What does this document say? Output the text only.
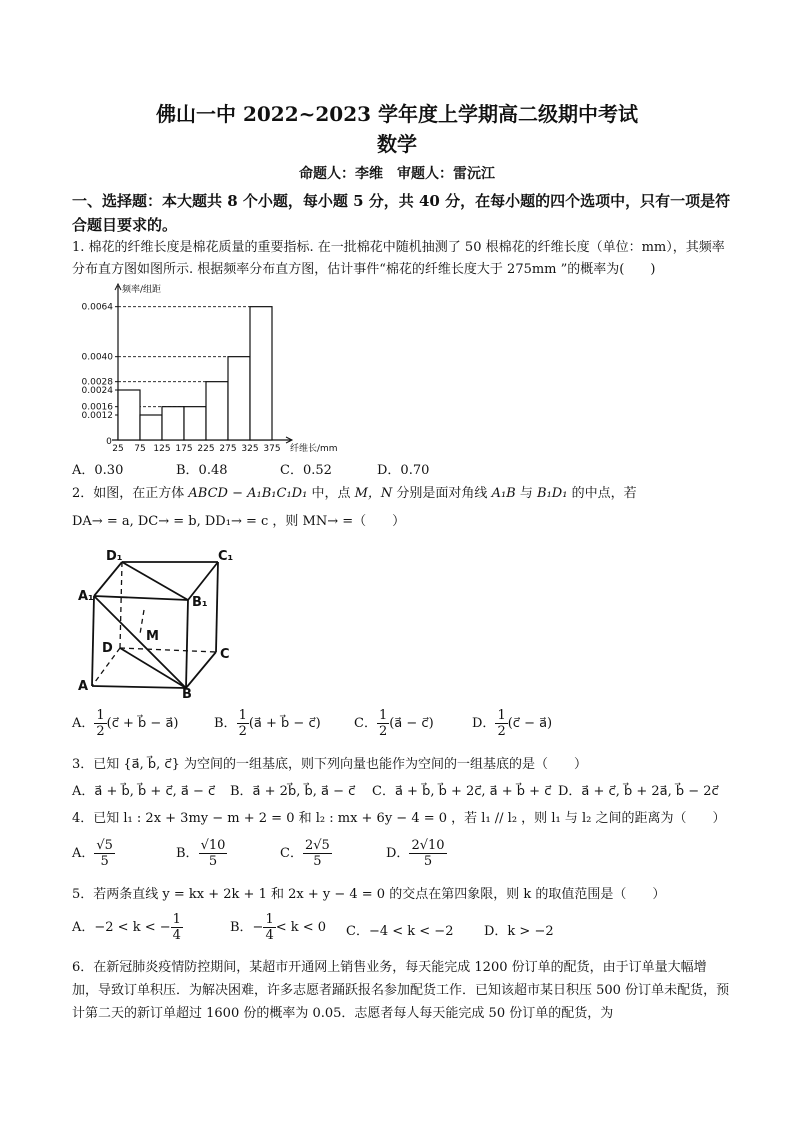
佛山一中 2022~2023 学年度上学期高二级期中考试
数学
命题人：李维　审题人：雷沅江
一、选择题：本大题共 8 个小题，每小题 5 分，共 40 分，在每小题的四个选项中，只有一项是符合题目要求的。
1. 棉花的纤维长度是棉花质量的重要指标. 在一批棉花中随机抽测了 50 根棉花的纤维长度（单位：mm），其频率分布直方图如图所示. 根据频率分布直方图，估计事件“棉花的纤维长度大于 275mm ”的概率为(　　)
0.0064
0.0040
0.0028
0.0024
0.0016
0.0012
25 75 125 175 225 275 325 375
0
频率/组距
纤维长/mm
A．0.30	B．0.48	C．0.52	D．0.70
2．如图，在正方体 ABCD − A₁B₁C₁D₁ 中，点 M，N 分别是面对角线 A₁B 与 B₁D₁ 的中点，若
DA→ = a, DC→ = b, DD₁→ = c ，则 MN→ =（　　）
D₁	C₁
A₁	B₁
M
D	C
A
B
A． $\frac{1}{2}$ (c⃗ + b⃗ − a⃗)	B． $\frac{1}{2}$ (a⃗ + b⃗ − c⃗)	C． $\frac{1}{2}$ (a⃗ − c⃗)	D． $\frac{1}{2}$ (c⃗ − a⃗)
3．已知 {a⃗, b⃗, c⃗} 为空间的一组基底，则下列向量也能作为空间的一组基底的是（　　）
A．a⃗ + b⃗, b⃗ + c⃗, a⃗ − c⃗ B．a⃗ + 2b⃗, b⃗, a⃗ − c⃗ C．a⃗ + b⃗, b⃗ + 2c⃗, a⃗ + b⃗ + c⃗ D．a⃗ + c⃗, b⃗ + 2a⃗, b⃗ − 2c⃗
4．已知 l₁ : 2x + 3my − m + 2 = 0 和 l₂ : mx + 6y − 4 = 0 ，若 l₁ // l₂ ，则 l₁ 与 l₂ 之间的距离为（　　）
A． $\frac{√5}{5}$	B． $\frac{√10}{5}$	C． $\frac{2√5}{5}$	D． $\frac{2√10}{5}$
5．若两条直线 y = kx + 2k + 1 和 2x + y − 4 = 0 的交点在第四象限，则 k 的取值范围是（　　）
A．−2 < k < − $\frac{1}{4}$	B．− $\frac{1}{4} < k < 0$ C．−4 < k < −2 D．k > −2
6．在新冠肺炎疫情防控期间，某超市开通网上销售业务，每天能完成 1200 份订单的配货，由于订单量大幅增加，导致订单积压．为解决困难，许多志愿者踊跃报名参加配货工作．已知该超市某日积压 500 份订单未配货，预计第二天的新订单超过 1600 份的概率为 0.05．志愿者每人每天能完成 50 份订单的配货，为
